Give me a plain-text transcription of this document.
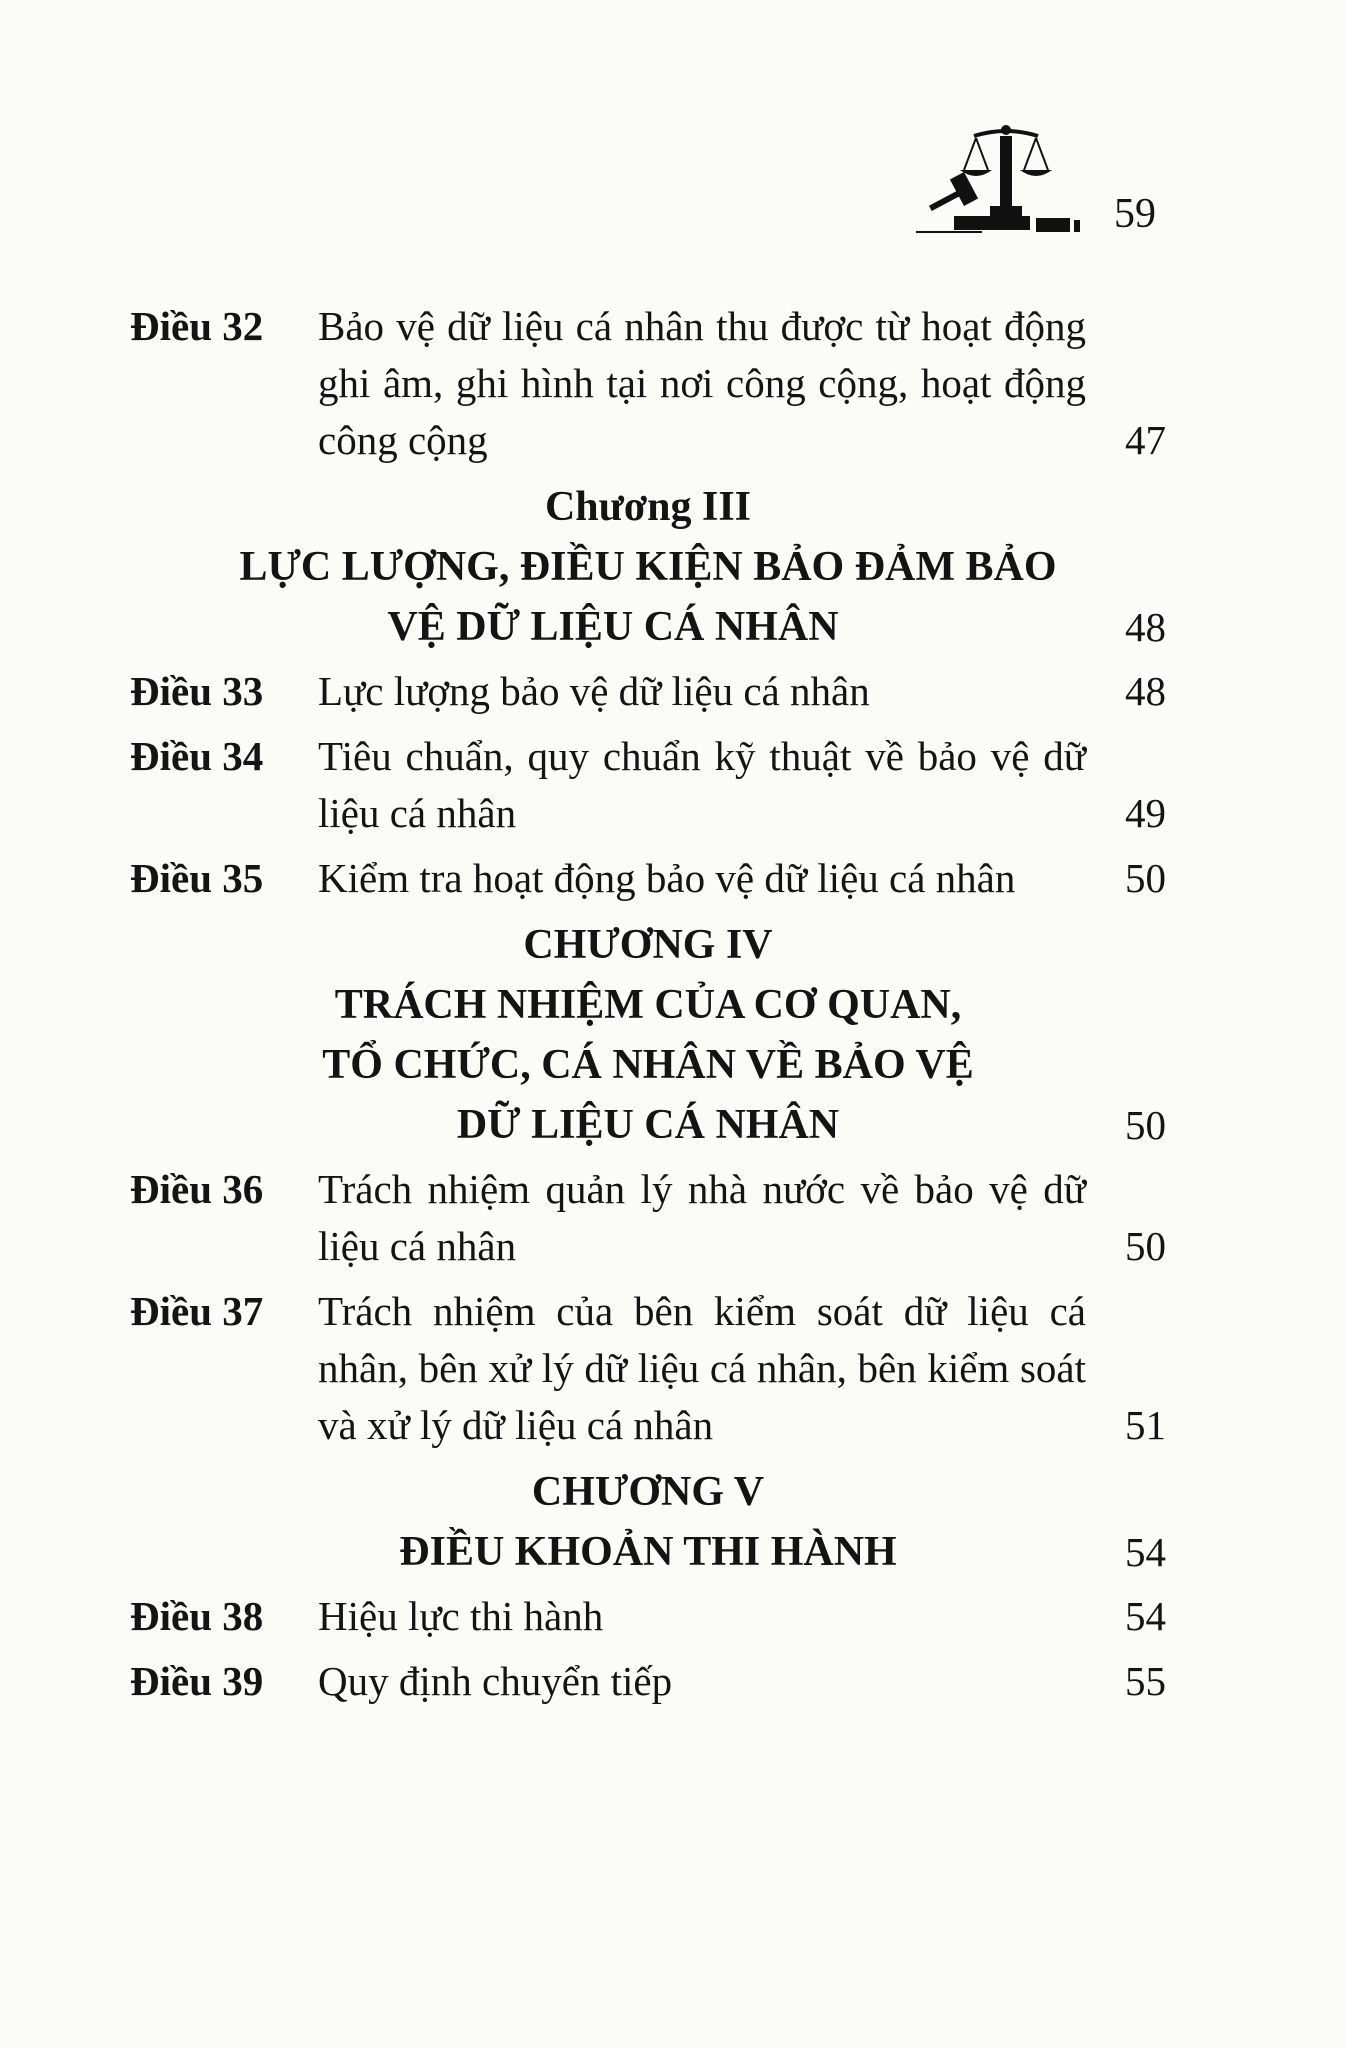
59
Điều 32	Bảo vệ dữ liệu cá nhân thu được từ hoạt động ghi âm, ghi hình tại nơi công cộng, hoạt động công cộng	47
Chương III
LỰC LƯỢNG, ĐIỀU KIỆN BẢO ĐẢM BẢO
VỆ DỮ LIỆU CÁ NHÂN	48
Điều 33	Lực lượng bảo vệ dữ liệu cá nhân	48
Điều 34	Tiêu chuẩn, quy chuẩn kỹ thuật về bảo vệ dữ liệu cá nhân	49
Điều 35	Kiểm tra hoạt động bảo vệ dữ liệu cá nhân	50
CHƯƠNG IV
TRÁCH NHIỆM CỦA CƠ QUAN,
TỔ CHỨC, CÁ NHÂN VỀ BẢO VỆ
DỮ LIỆU CÁ NHÂN	50
Điều 36	Trách nhiệm quản lý nhà nước về bảo vệ dữ liệu cá nhân	50
Điều 37	Trách nhiệm của bên kiểm soát dữ liệu cá nhân, bên xử lý dữ liệu cá nhân, bên kiểm soát và xử lý dữ liệu cá nhân	51
CHƯƠNG V
ĐIỀU KHOẢN THI HÀNH	54
Điều 38	Hiệu lực thi hành	54
Điều 39	Quy định chuyển tiếp	55
